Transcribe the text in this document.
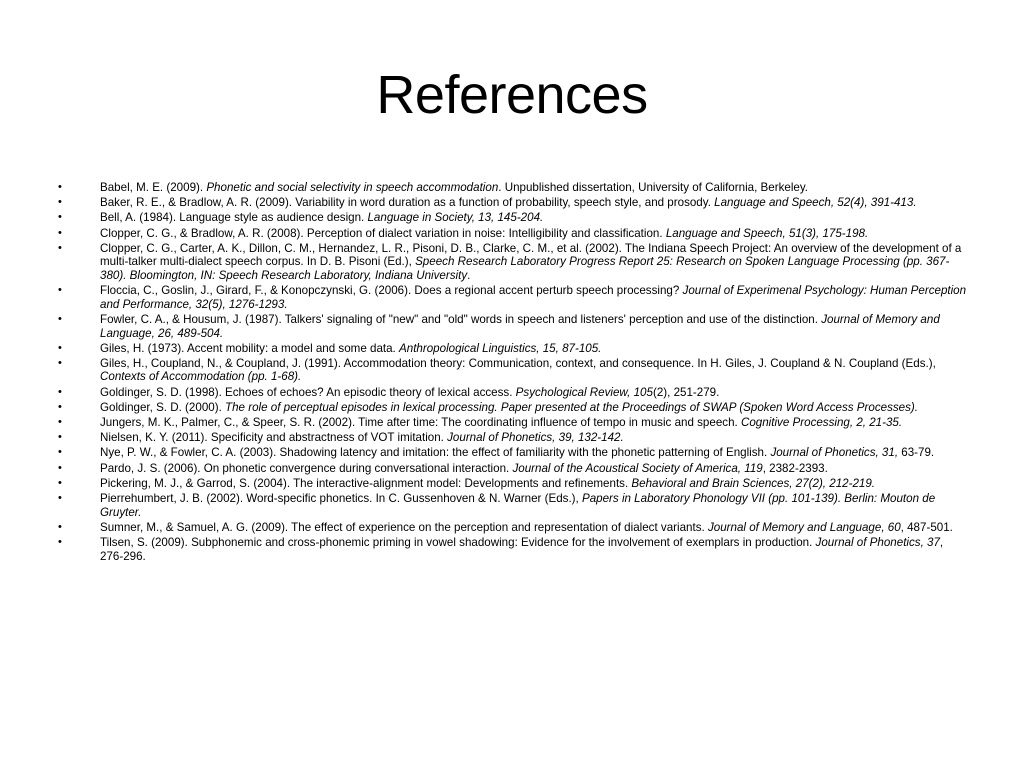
References
•	Babel, M. E. (2009). Phonetic and social selectivity in speech accommodation. Unpublished dissertation, University of California, Berkeley.
•	Baker, R. E., & Bradlow, A. R. (2009). Variability in word duration as a function of probability, speech style, and prosody. Language and Speech, 52(4), 391-413.
•	Bell, A. (1984). Language style as audience design. Language in Society, 13, 145-204.
•	Clopper, C. G., & Bradlow, A. R. (2008). Perception of dialect variation in noise: Intelligibility and classification. Language and Speech, 51(3), 175-198.
•	Clopper, C. G., Carter, A. K., Dillon, C. M., Hernandez, L. R., Pisoni, D. B., Clarke, C. M., et al. (2002). The Indiana Speech Project: An overview of the development of a multi-talker multi-dialect speech corpus. In D. B. Pisoni (Ed.), Speech Research Laboratory Progress Report 25: Research on Spoken Language Processing (pp. 367-380). Bloomington, IN: Speech Research Laboratory, Indiana University.
•	Floccia, C., Goslin, J., Girard, F., & Konopczynski, G. (2006). Does a regional accent perturb speech processing? Journal of Experimenal Psychology: Human Perception and Performance, 32(5), 1276-1293.
•	Fowler, C. A., & Housum, J. (1987). Talkers' signaling of "new" and "old" words in speech and listeners' perception and use of the distinction. Journal of Memory and Language, 26, 489-504.
•	Giles, H. (1973). Accent mobility: a model and some data. Anthropological Linguistics, 15, 87-105.
•	Giles, H., Coupland, N., & Coupland, J. (1991). Accommodation theory: Communication, context, and consequence. In H. Giles, J. Coupland & N. Coupland (Eds.), Contexts of Accommodation (pp. 1-68).
•	Goldinger, S. D. (1998). Echoes of echoes? An episodic theory of lexical access. Psychological Review, 105(2), 251-279.
•	Goldinger, S. D. (2000). The role of perceptual episodes in lexical processing. Paper presented at the Proceedings of SWAP (Spoken Word Access Processes).
•	Jungers, M. K., Palmer, C., & Speer, S. R. (2002). Time after time: The coordinating influence of tempo in music and speech. Cognitive Processing, 2, 21-35.
•	Nielsen, K. Y. (2011). Specificity and abstractness of VOT imitation. Journal of Phonetics, 39, 132-142.
•	Nye, P. W., & Fowler, C. A. (2003). Shadowing latency and imitation: the effect of familiarity with the phonetic patterning of English. Journal of Phonetics, 31, 63-79.
•	Pardo, J. S. (2006). On phonetic convergence during conversational interaction. Journal of the Acoustical Society of America, 119, 2382-2393.
•	Pickering, M. J., & Garrod, S. (2004). The interactive-alignment model: Developments and refinements. Behavioral and Brain Sciences, 27(2), 212-219.
•	Pierrehumbert, J. B. (2002). Word-specific phonetics. In C. Gussenhoven & N. Warner (Eds.), Papers in Laboratory Phonology VII (pp. 101-139). Berlin: Mouton de Gruyter.
•	Sumner, M., & Samuel, A. G. (2009). The effect of experience on the perception and representation of dialect variants. Journal of Memory and Language, 60, 487-501.
•	Tilsen, S. (2009). Subphonemic and cross-phonemic priming in vowel shadowing: Evidence for the involvement of exemplars in production. Journal of Phonetics, 37, 276-296.
